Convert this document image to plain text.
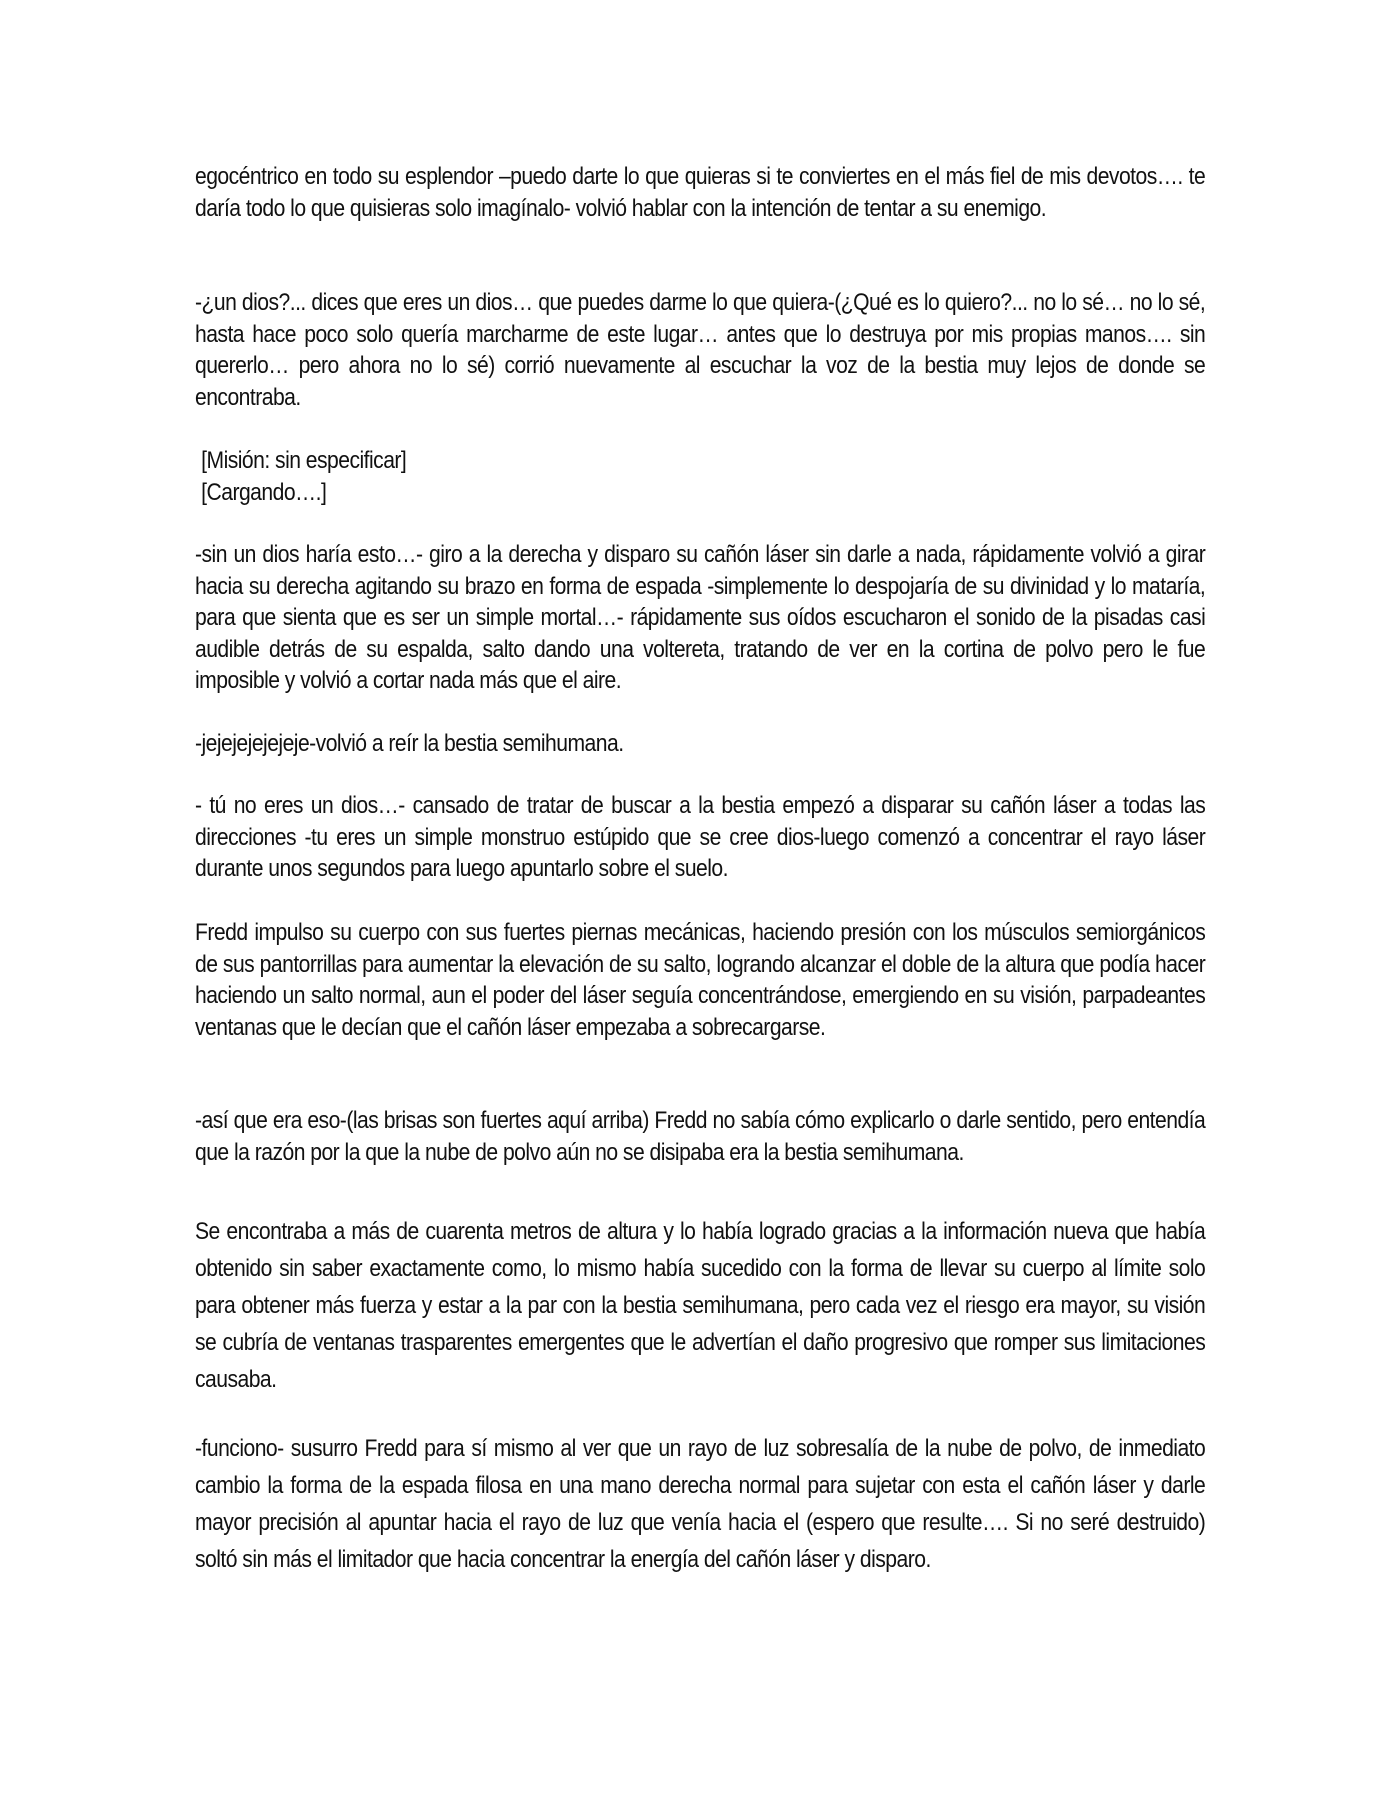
egocéntrico en todo su esplendor –puedo darte lo que quieras si te conviertes en el más fiel de mis devotos…. te daría todo lo que quisieras solo imagínalo- volvió hablar con la intención de tentar a su enemigo.

-¿un dios?... dices que eres un dios… que puedes darme lo que quiera-(¿Qué es lo quiero?... no lo sé… no lo sé, hasta hace poco solo quería marcharme de este lugar… antes que lo destruya por mis propias manos…. sin quererlo… pero ahora no lo sé) corrió nuevamente al escuchar la voz de la bestia muy lejos de donde se encontraba.

[Misión: sin especificar]
[Cargando….]

-sin un dios haría esto…- giro a la derecha y disparo su cañón láser sin darle a nada, rápidamente volvió a girar hacia su derecha agitando su brazo en forma de espada -simplemente lo despojaría de su divinidad y lo mataría, para que sienta que es ser un simple mortal…- rápidamente sus oídos escucharon el sonido de la pisadas casi audible detrás de su espalda, salto dando una voltereta, tratando de ver en la cortina de polvo pero le fue imposible y volvió a cortar nada más que el aire.

-jejejejejejeje-volvió a reír la bestia semihumana.

- tú no eres un dios…- cansado de tratar de buscar a la bestia empezó a disparar su cañón láser a todas las direcciones -tu eres un simple monstruo estúpido que se cree dios-luego comenzó a concentrar el rayo láser durante unos segundos para luego apuntarlo sobre el suelo.

Fredd impulso su cuerpo con sus fuertes piernas mecánicas, haciendo presión con los músculos semiorgánicos de sus pantorrillas para aumentar la elevación de su salto, logrando alcanzar el doble de la altura que podía hacer haciendo un salto normal, aun el poder del láser seguía concentrándose, emergiendo en su visión, parpadeantes ventanas que le decían que el cañón láser empezaba a sobrecargarse.

-así que era eso-(las brisas son fuertes aquí arriba) Fredd no sabía cómo explicarlo o darle sentido, pero entendía que la razón por la que la nube de polvo aún no se disipaba era la bestia semihumana.

Se encontraba a más de cuarenta metros de altura y lo había logrado gracias a la información nueva que había obtenido sin saber exactamente como, lo mismo había sucedido con la forma de llevar su cuerpo al límite solo para obtener más fuerza y estar a la par con la bestia semihumana, pero cada vez el riesgo era mayor, su visión se cubría de ventanas trasparentes emergentes que le advertían el daño progresivo que romper sus limitaciones causaba.

-funciono- susurro Fredd para sí mismo al ver que un rayo de luz sobresalía de la nube de polvo, de inmediato cambio la forma de la espada filosa en una mano derecha normal para sujetar con esta el cañón láser y darle mayor precisión al apuntar hacia el rayo de luz que venía hacia el (espero que resulte…. Si no seré destruido) soltó sin más el limitador que hacia concentrar la energía del cañón láser y disparo.
